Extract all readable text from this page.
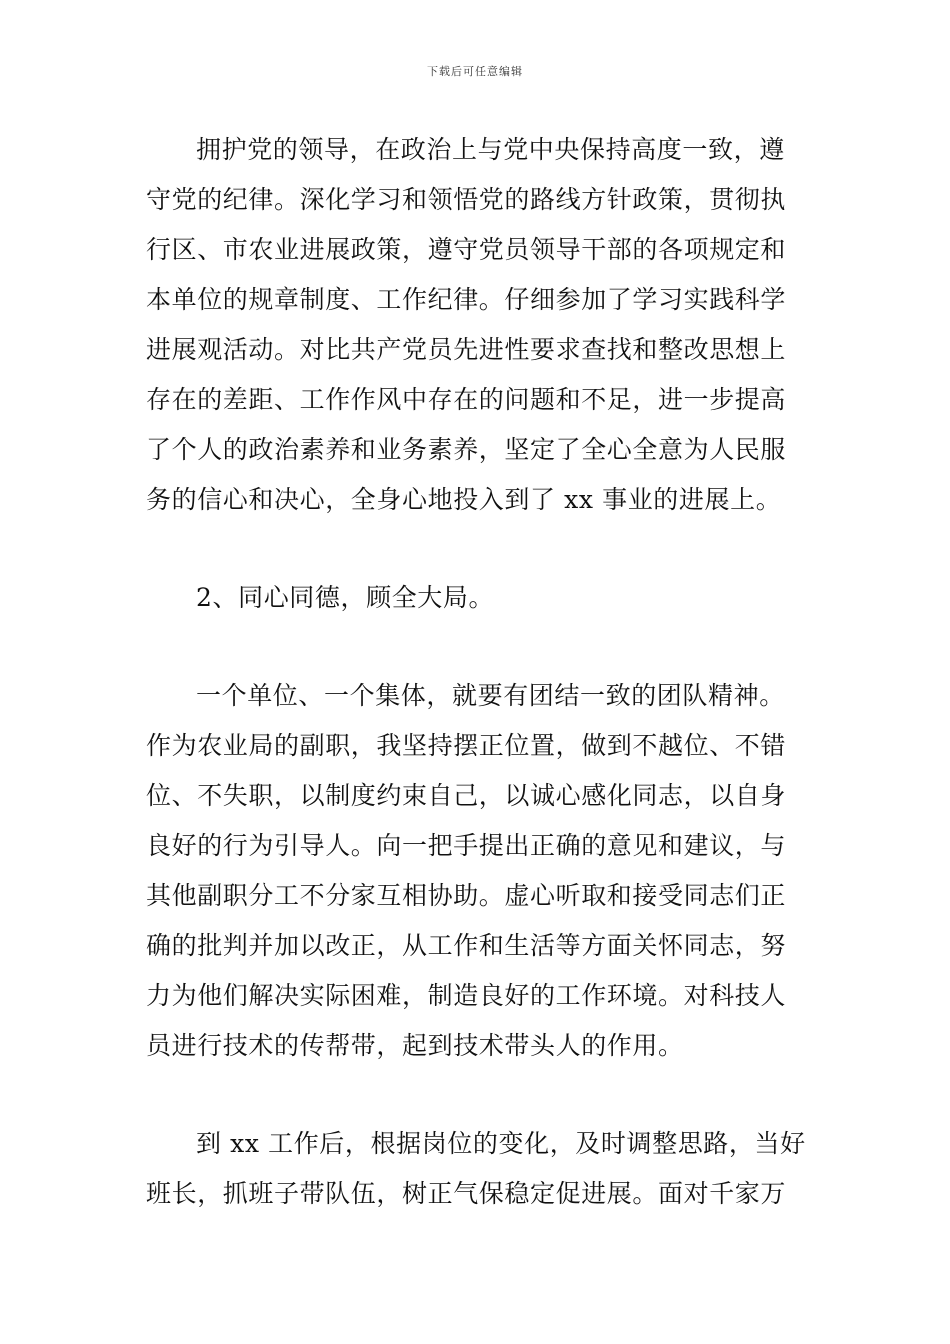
下载后可任意编辑

拥护党的领导，在政治上与党中央保持高度一致，遵

守党的纪律。深化学习和领悟党的路线方针政策，贯彻执

行区、市农业进展政策，遵守党员领导干部的各项规定和

本单位的规章制度、工作纪律。仔细参加了学习实践科学

进展观活动。对比共产党员先进性要求查找和整改思想上

存在的差距、工作作风中存在的问题和不足，进一步提高

了个人的政治素养和业务素养，坚定了全心全意为人民服

务的信心和决心，全身心地投入到了 xx 事业的进展上。

2、同心同德，顾全大局。

一个单位、一个集体，就要有团结一致的团队精神。

作为农业局的副职，我坚持摆正位置，做到不越位、不错

位、不失职，以制度约束自己，以诚心感化同志，以自身

良好的行为引导人。向一把手提出正确的意见和建议，与

其他副职分工不分家互相协助。虚心听取和接受同志们正

确的批判并加以改正，从工作和生活等方面关怀同志，努

力为他们解决实际困难，制造良好的工作环境。对科技人

员进行技术的传帮带，起到技术带头人的作用。

到 xx 工作后，根据岗位的变化，及时调整思路，当好

班长，抓班子带队伍，树正气保稳定促进展。面对千家万
